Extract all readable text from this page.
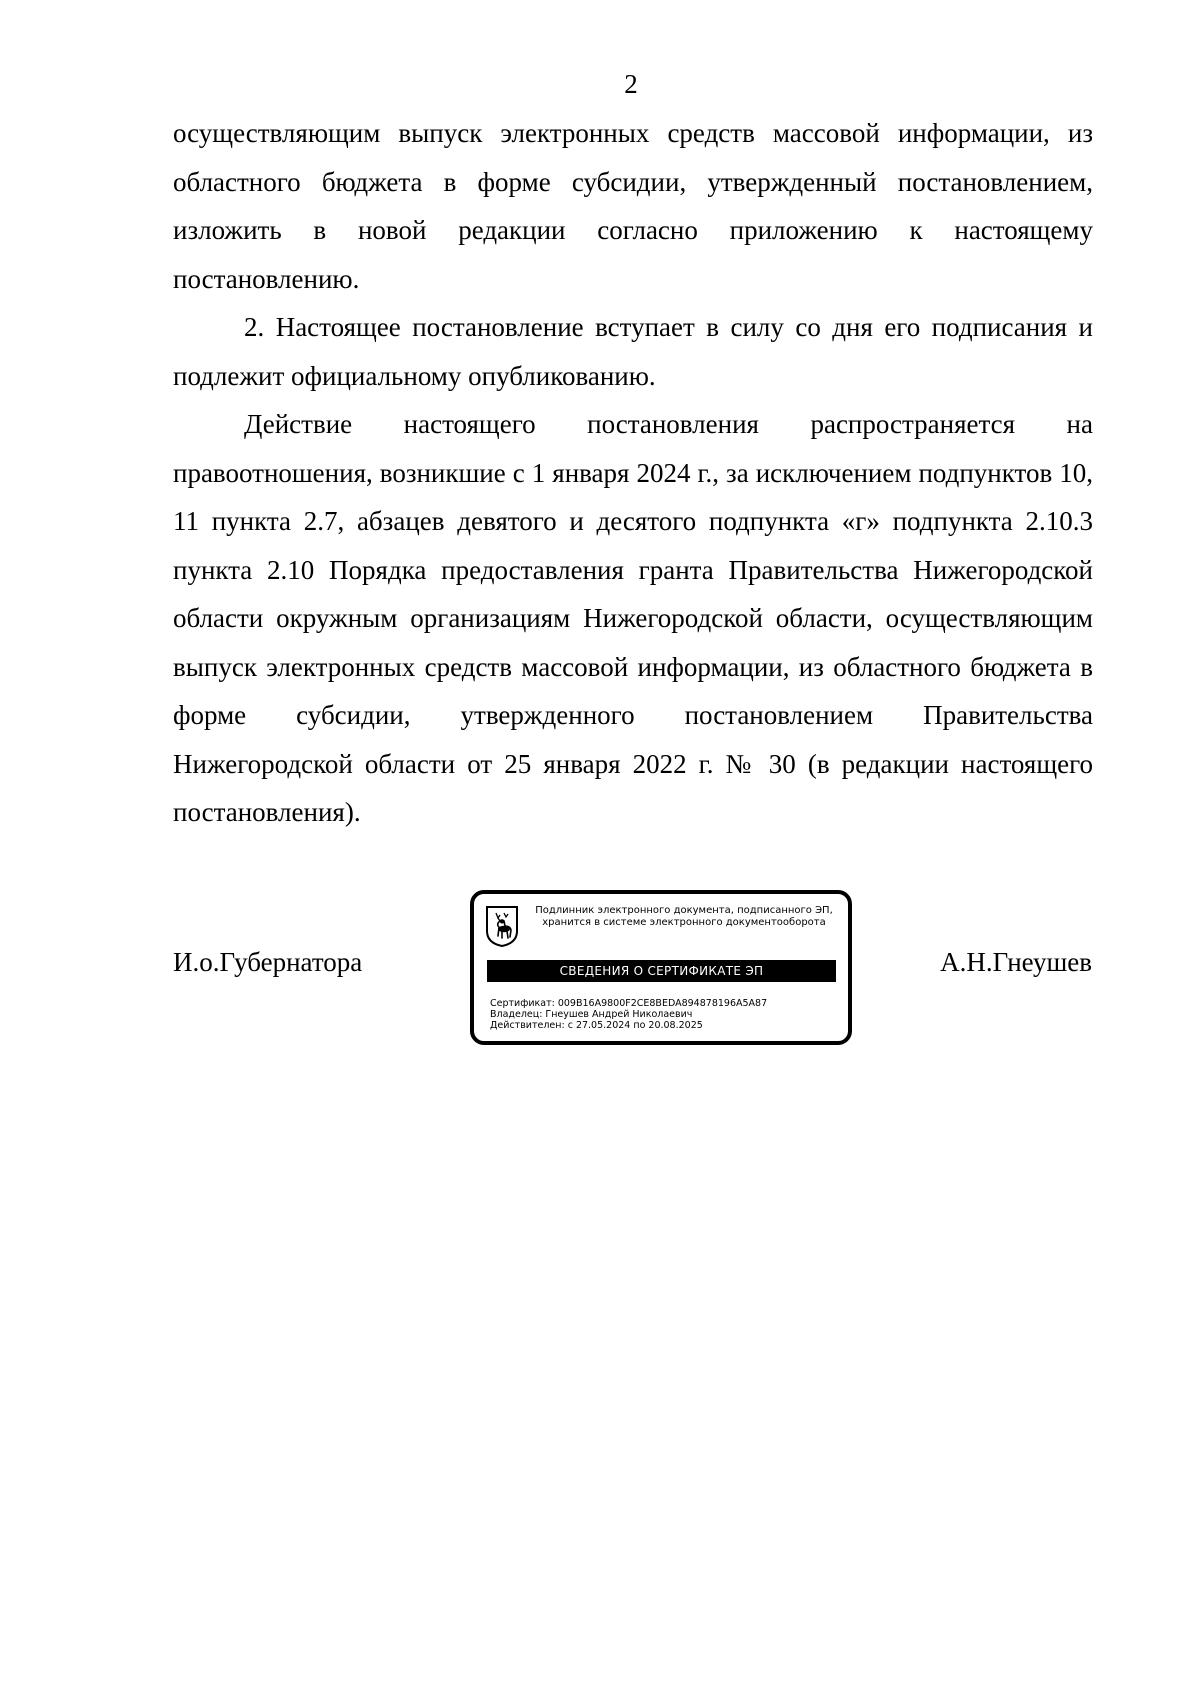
2

осуществляющим выпуск электронных средств массовой информации, из областного бюджета в форме субсидии, утвержденный постановлением, изложить в новой редакции согласно приложению к настоящему постановлению.

2. Настоящее постановление вступает в силу со дня его подписания и подлежит официальному опубликованию.

Действие настоящего постановления распространяется на правоотношения, возникшие с 1 января 2024 г., за исключением подпунктов 10, 11 пункта 2.7, абзацев девятого и десятого подпункта «г» подпункта 2.10.3 пункта 2.10 Порядка предоставления гранта Правительства Нижегородской области окружным организациям Нижегородской области, осуществляющим выпуск электронных средств массовой информации, из областного бюджета в форме субсидии, утвержденного постановлением Правительства Нижегородской области от 25 января 2022 г. № 30 (в редакции настоящего постановления).

И.о.Губернатора
Подлинник электронного документа, подписанного ЭП,
хранится в системе электронного документооборота
СВЕДЕНИЯ О СЕРТИФИКАТЕ ЭП
Сертификат: 009B16A9800F2CE8BEDA894878196A5A87
Владелец: Гнеушев Андрей Николаевич
Действителен: с 27.05.2024 по 20.08.2025
А.Н.Гнеушев
